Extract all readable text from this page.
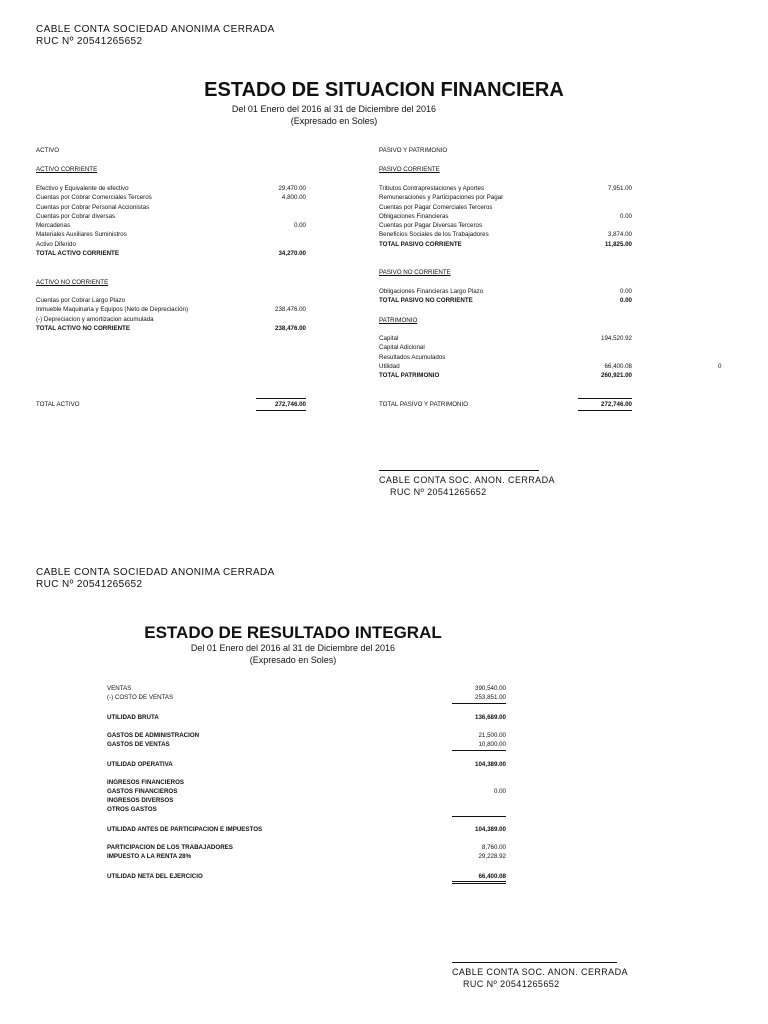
CABLE CONTA SOCIEDAD ANONIMA CERRADA
RUC Nº 20541265652
ESTADO DE SITUACION FINANCIERA
Del 01 Enero del 2016 al 31 de Diciembre del 2016
(Expresado en Soles)
ACTIVO
ACTIVO CORRIENTE
Efectivo y Equivalente de efectivo	29,470.00
Cuentas por Cobrar Comerciales Terceros	4,800.00
Cuentas por Cobrar Personal Accionistas
Cuentas por Cobrar diversas
Mercaderias	0.00
Materiales Auxiliares Suministros
Activo Diferido
TOTAL ACTIVO CORRIENTE	34,270.00
ACTIVO NO CORRIENTE
Cuentas por Cobrar Largo Plazo
Inmueble Maquinaria y Equipos (Neto de Depreciación)	238,476.00
(-) Depreciacion y amortizacion acumulada
TOTAL ACTIVO NO CORRIENTE	238,476.00
TOTAL ACTIVO	272,746.00
PASIVO Y PATRIMONIO
PASIVO CORRIENTE
Tributos Contraprestaciones y Aportes	7,951.00
Remuneraciones y Participaciones por Pagar
Cuentas por Pagar Comerciales Terceros
Obligaciones Financieras	0.00
Cuentas por Pagar Diversas Terceros
Beneficios Sociales de los Trabajadores	3,874.00
TOTAL PASIVO CORRIENTE	11,825.00
PASIVO NO CORRIENTE
Obligaciones Financieras Largo Plazo	0.00
TOTAL PASIVO NO CORRIENTE	0.00
PATRIMONIO
Capital	194,520.92
Capital Adicional
Resultados Acumulados
Utilidad	66,400.08
TOTAL PATRIMONIO	260,921.00
0
TOTAL PASIVO Y PATRIMONIO	272,746.00
CABLE CONTA SOC. ANON. CERRADA
RUC Nº 20541265652
CABLE CONTA SOCIEDAD ANONIMA CERRADA
RUC Nº 20541265652
ESTADO DE RESULTADO INTEGRAL
Del 01 Enero del 2016 al 31 de Diciembre del 2016
(Expresado en Soles)
VENTAS	390,540.00
(-) COSTO DE VENTAS	253,851.00
UTILIDAD BRUTA	136,689.00
GASTOS DE ADMINISTRACION	21,500.00
GASTOS DE VENTAS	10,800.00
UTILIDAD OPERATIVA	104,389.00
INGRESOS FINANCIEROS
GASTOS FINANCIEROS	0.00
INGRESOS DIVERSOS
OTROS GASTOS
UTILIDAD ANTES DE PARTICIPACION E IMPUESTOS	104,389.00
PARTICIPACION DE LOS TRABAJADORES	8,760.00
IMPUESTO A LA RENTA 28%	29,228.92
UTILIDAD NETA DEL EJERCICIO	66,400.08
CABLE CONTA SOC. ANON. CERRADA
RUC Nº 20541265652
